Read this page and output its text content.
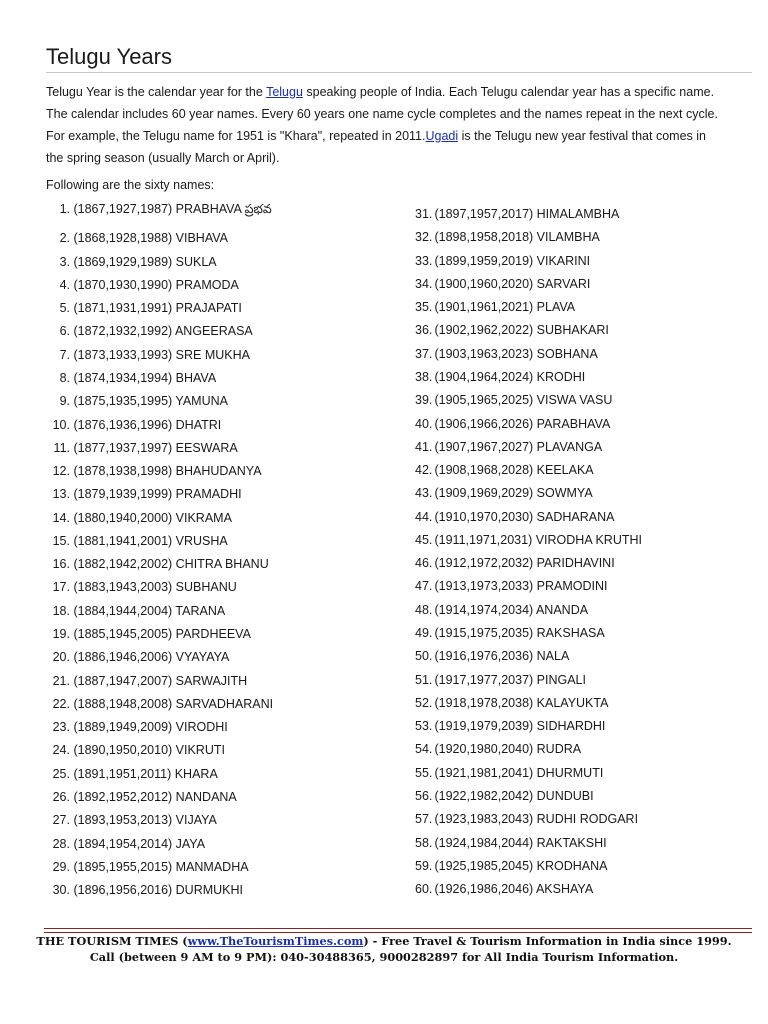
Telugu Years
Telugu Year is the calendar year for the Telugu speaking people of India. Each Telugu calendar year has a specific name. The calendar includes 60 year names. Every 60 years one name cycle completes and the names repeat in the next cycle. For example, the Telugu name for 1951 is "Khara", repeated in 2011.Ugadi is the Telugu new year festival that comes in the spring season (usually March or April).
Following are the sixty names:
1. (1867,1927,1987) PRABHAVA ప్రభవ
2. (1868,1928,1988) VIBHAVA
3. (1869,1929,1989) SUKLA
4. (1870,1930,1990) PRAMODA
5. (1871,1931,1991) PRAJAPATI
6. (1872,1932,1992) ANGEERASA
7. (1873,1933,1993) SRE MUKHA
8. (1874,1934,1994) BHAVA
9. (1875,1935,1995) YAMUNA
10. (1876,1936,1996) DHATRI
11. (1877,1937,1997) EESWARA
12. (1878,1938,1998) BHAHUDANYA
13. (1879,1939,1999) PRAMADHI
14. (1880,1940,2000) VIKRAMA
15. (1881,1941,2001) VRUSHA
16. (1882,1942,2002) CHITRA BHANU
17. (1883,1943,2003) SUBHANU
18. (1884,1944,2004) TARANA
19. (1885,1945,2005) PARDHEEVA
20. (1886,1946,2006) VYAYAYA
21. (1887,1947,2007) SARWAJITH
22. (1888,1948,2008) SARVADHARANI
23. (1889,1949,2009) VIRODHI
24. (1890,1950,2010) VIKRUTI
25. (1891,1951,2011) KHARA
26. (1892,1952,2012) NANDANA
27. (1893,1953,2013) VIJAYA
28. (1894,1954,2014) JAYA
29. (1895,1955,2015) MANMADHA
30. (1896,1956,2016) DURMUKHI
31. (1897,1957,2017) HIMALAMBHA
32. (1898,1958,2018) VILAMBHA
33. (1899,1959,2019) VIKARINI
34. (1900,1960,2020) SARVARI
35. (1901,1961,2021) PLAVA
36. (1902,1962,2022) SUBHAKARI
37. (1903,1963,2023) SOBHANA
38. (1904,1964,2024) KRODHI
39. (1905,1965,2025) VISWA VASU
40. (1906,1966,2026) PARABHAVA
41. (1907,1967,2027) PLAVANGA
42. (1908,1968,2028) KEELAKA
43. (1909,1969,2029) SOWMYA
44. (1910,1970,2030) SADHARANA
45. (1911,1971,2031) VIRODHA KRUTHI
46. (1912,1972,2032) PARIDHAVINI
47. (1913,1973,2033) PRAMODINI
48. (1914,1974,2034) ANANDA
49. (1915,1975,2035) RAKSHASA
50. (1916,1976,2036) NALA
51. (1917,1977,2037) PINGALI
52. (1918,1978,2038) KALAYUKTA
53. (1919,1979,2039) SIDHARDHI
54. (1920,1980,2040) RUDRA
55. (1921,1981,2041) DHURMUTI
56. (1922,1982,2042) DUNDUBI
57. (1923,1983,2043) RUDHI RODGARI
58. (1924,1984,2044) RAKTAKSHI
59. (1925,1985,2045) KRODHANA
60. (1926,1986,2046) AKSHAYA
THE TOURISM TIMES (www.TheTourismTimes.com) - Free Travel & Tourism Information in India since 1999.
Call (between 9 AM to 9 PM): 040-30488365, 9000282897 for All India Tourism Information.
